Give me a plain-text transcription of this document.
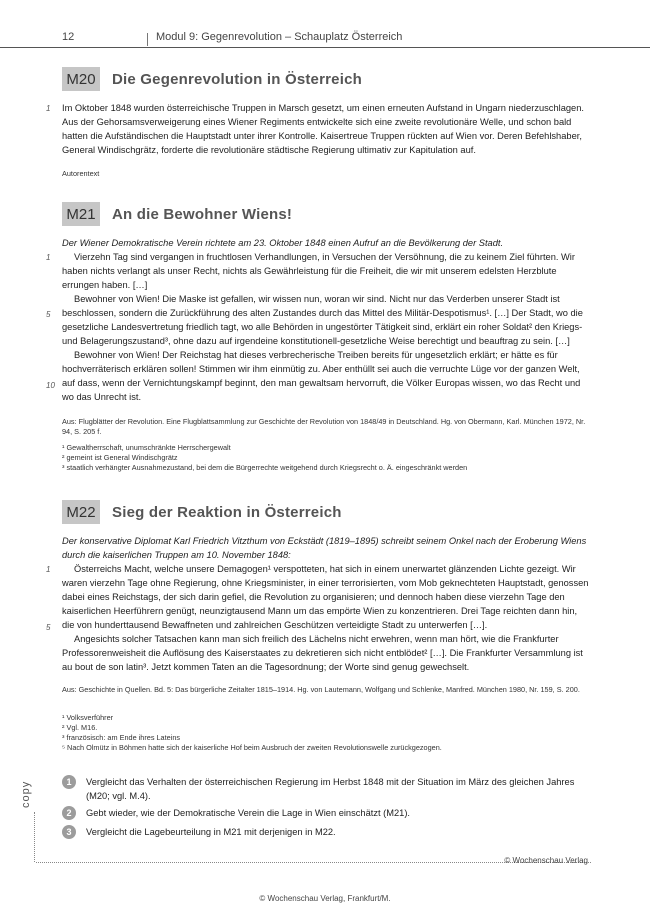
12	Modul 9: Gegenrevolution – Schauplatz Österreich
M20 Die Gegenrevolution in Österreich
1 Im Oktober 1848 wurden österreichische Truppen in Marsch gesetzt, um einen erneuten Aufstand in Ungarn niederzuschlagen. Aus der Gehorsamsverweigerung eines Wiener Regiments entwickelte sich eine zweite revolutionäre Welle, und schon bald hatten die Aufständischen die Hauptstadt unter ihrer Kontrolle. Kaisertreue Truppen rückten auf Wien vor. Deren Befehlshaber, General Windischgrätz, forderte die revolutionäre städtische Regierung ultimativ zur Kapitulation auf.

Autorentext

M21 An die Bewohner Wiens!

Der Wiener Demokratische Verein richtete am 23. Oktober 1848 einen Aufruf an die Bevölkerung der Stadt.

Vierzehn Tag sind vergangen in fruchtlosen Verhandlungen, in Versuchen der Versöhnung, die zu keinem Ziel führten. Wir haben nichts verlangt als unser Recht, nichts als Gewährleistung für die Freiheit, die wir mit unserem edelsten Herzblute errungen haben. […]

Bewohner von Wien! Die Maske ist gefallen, wir wissen nun, woran wir sind. Nicht nur das Verderben unserer Stadt ist beschlossen, sondern die Zurückführung des alten Zustandes durch das Mittel des Militär-Despotismus¹. […] Der Stadt, wo die gesetzliche Landesvertretung friedlich tagt, wo alle Behörden in ungestörter Tätigkeit sind, erklärt ein roher Soldat² den Kriegs- und Belagerungszustand³, ohne dazu auf irgendeine konstitutionell-gesetzliche Weise berechtigt und beauftrag zu sein. […]

Bewohner von Wien! Der Reichstag hat dieses verbrecherische Treiben bereits für ungesetzlich erklärt; er hätte es für hochverräterisch erklären sollen! Stimmen wir ihm einmütig zu. Aber enthüllt sei auch die verruchte Lüge vor der ganzen Welt, auf dass, wenn der Vernichtungskampf beginnt, den man gewaltsam hervorruft, die Völker Europas wissen, wo das Recht und wo das Unrecht ist.

1
5
10

Aus: Flugblätter der Revolution. Eine Flugblattsammlung zur Geschichte der Revolution von 1848/49 in Deutschland. Hg. von Obermann, Karl. München 1972, Nr. 94, S. 205 f.

¹ Gewaltherrschaft, unumschränkte Herrschergewalt

² gemeint ist General Windischgrätz

³ staatlich verhängter Ausnahmezustand, bei dem die Bürgerrechte weitgehend durch Kriegsrecht o. Ä. eingeschränkt werden

M22 Sieg der Reaktion in Österreich

Der konservative Diplomat Karl Friedrich Vitzthum von Eckstädt (1819–1895) schreibt seinem Onkel nach der Eroberung Wiens durch die kaiserlichen Truppen am 10. November 1848:

Österreichs Macht, welche unsere Demagogen¹ verspotteten, hat sich in einem unerwartet glänzenden Lichte gezeigt. Wir waren vierzehn Tage ohne Regierung, ohne Kriegsminister, in einer terrorisierten, vom Mob geknechteten Hauptstadt, genossen dabei eines Reichstags, der sich darin gefiel, die Revolution zu organisieren; und dennoch haben diese vierzehn Tage den kaiserlichen Heerführern genügt, neunzigtausend Mann um das empörte Wien zu konzentrieren. Drei Tage reichten dann hin, die von hunderttausend Bewaffneten und zahlreichen Geschützen verteidigte Stadt zu unterwerfen […].

Angesichts solcher Tatsachen kann man sich freilich des Lächelns nicht erwehren, wenn man hört, wie die Frankfurter Professorenweisheit die Auflösung des Kaiserstaates zu dekretieren sich nicht entblödet² […]. Die Frankfurter Versammlung ist au bout de son latin³. Jetzt kommen Taten an die Tagesordnung; der Worte sind genug gewechselt.

1
5

Aus: Geschichte in Quellen. Bd. 5: Das bürgerliche Zeitalter 1815–1914. Hg. von Lautemann, Wolfgang und Schlenke, Manfred. München 1980, Nr. 159, S. 200.

¹ Volksverführer

² Vgl. M16.

³ französisch: am Ende ihres Lateins

⁵ Nach Olmütz in Böhmen hatte sich der kaiserliche Hof beim Ausbruch der zweiten Revolutionswelle zurückgezogen.

1	Vergleicht das Verhalten der österreichischen Regierung im Herbst 1848 mit der Situation im März des gleichen Jahres (M20; vgl. M.4).
2	Gebt wieder, wie der Demokratische Verein die Lage in Wien einschätzt (M21).
3	Vergleicht die Lagebeurteilung in M21 mit derjenigen in M22.
copy
© Wochenschau Verlag
© Wochenschau Verlag, Frankfurt/M.
